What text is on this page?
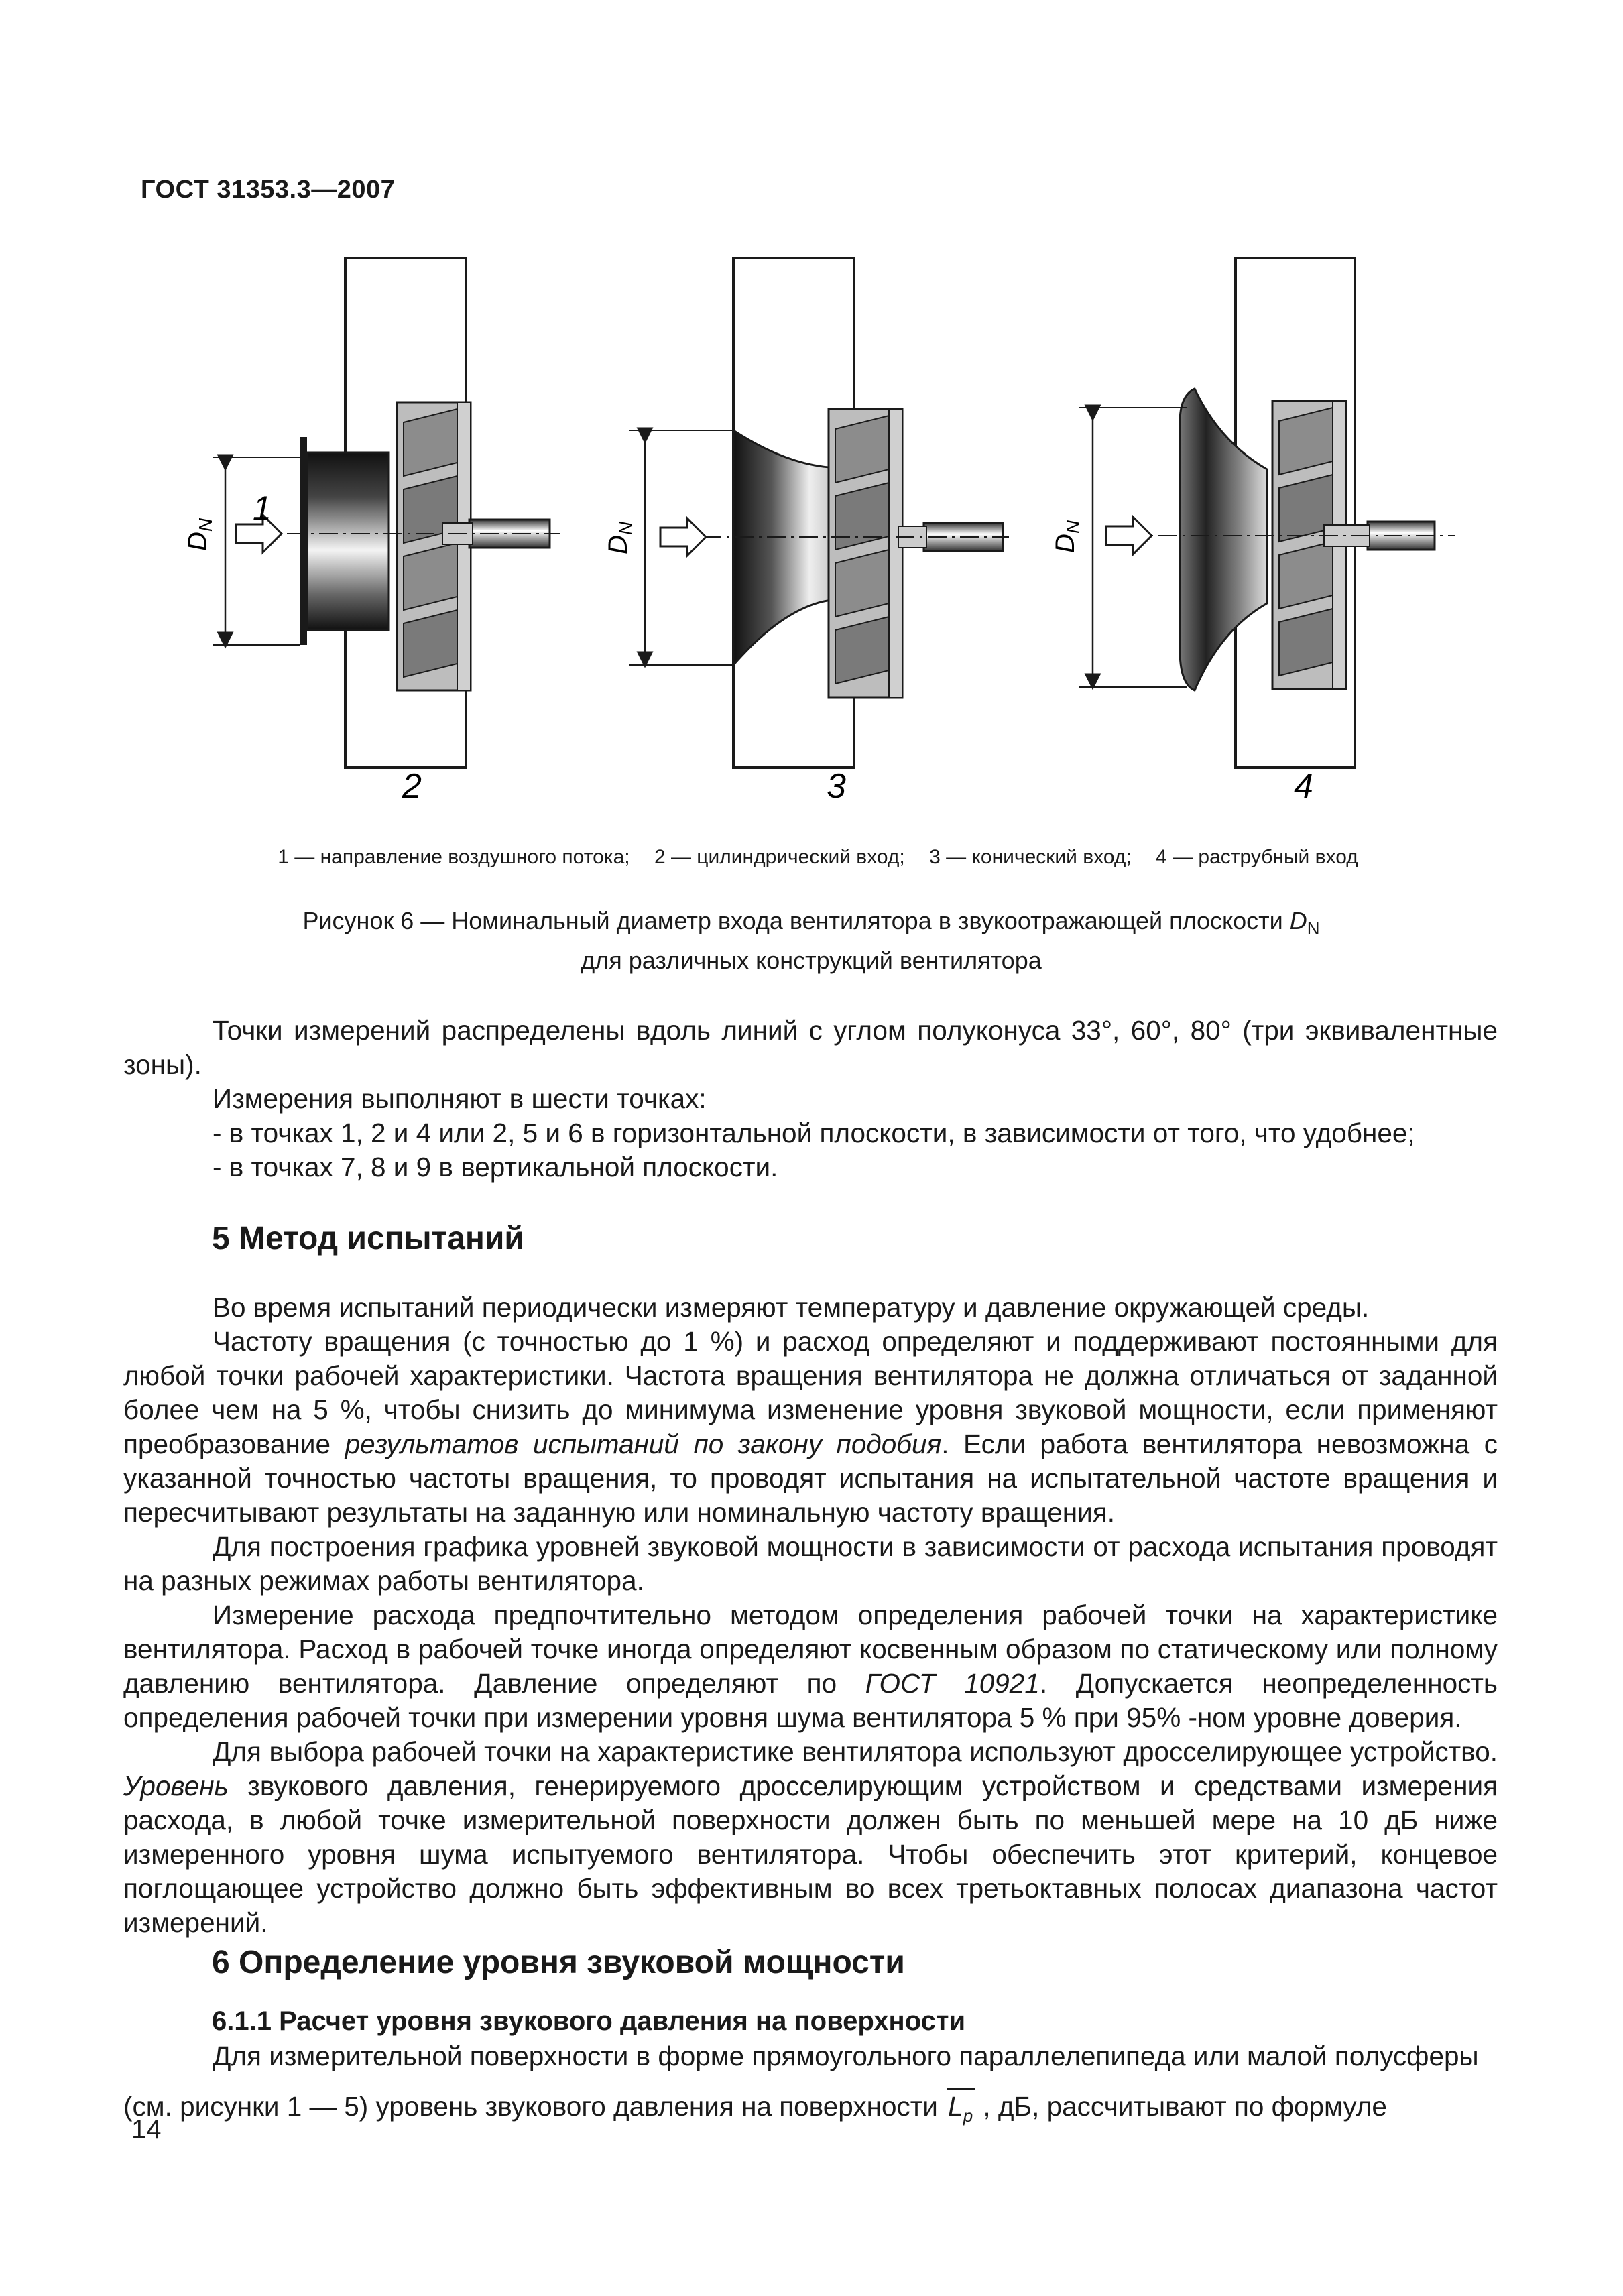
ГОСТ 31353.3—2007
$D_N$ 1
2
$D_N$
3
$D_N$
4
1 — направление воздушного потока; 2 — цилиндрический вход; 3 — конический вход; 4 — раструбный вход
Рисунок 6 — Номинальный диаметр входа вентилятора в звукоотражающей плоскости $D_N$
для различных конструкций вентилятора

Точки измерений распределены вдоль линий с углом полуконуса 33°, 60°, 80° (три эквивалентные зоны).

Измерения выполняют в шести точках:

- в точках 1, 2 и 4 или 2, 5 и 6 в горизонтальной плоскости, в зависимости от того, что удобнее;

- в точках 7, 8 и 9 в вертикальной плоскости.

5 Метод испытаний

Во время испытаний периодически измеряют температуру и давление окружающей среды.

Частоту вращения (с точностью до 1 %) и расход определяют и поддерживают постоянными для любой точки рабочей характеристики. Частота вращения вентилятора не должна отличаться от заданной более чем на 5 %, чтобы снизить до минимума изменение уровня звуковой мощности, если применяют преобразование результатов испытаний по закону подобия. Если работа вентилятора невозможна с указанной точностью частоты вращения, то проводят испытания на испытательной частоте вращения и пересчитывают результаты на заданную или номинальную частоту вращения.

Для построения графика уровней звуковой мощности в зависимости от расхода испытания проводят на разных режимах работы вентилятора.

Измерение расхода предпочтительно методом определения рабочей точки на характеристике вентилятора. Расход в рабочей точке иногда определяют косвенным образом по статическому или полному давлению вентилятора. Давление определяют по ГОСТ 10921. Допускается неопределенность определения рабочей точки при измерении уровня шума вентилятора 5 % при 95% -ном уровне доверия.

Для выбора рабочей точки на характеристике вентилятора используют дросселирующее устройство. Уровень звукового давления, генерируемого дросселирующим устройством и средствами измерения расхода, в любой точке измерительной поверхности должен быть по меньшей мере на 10 дБ ниже измеренного уровня шума испытуемого вентилятора. Чтобы обеспечить этот критерий, концевое поглощающее устройство должно быть эффективным во всех третьоктавных полосах диапазона частот измерений.

6 Определение уровня звуковой мощности
6.1.1 Расчет уровня звукового давления на поверхности

Для измерительной поверхности в форме прямоугольного параллелепипеда или малой полусферы

(см. рисунки 1 — 5) уровень звукового давления на поверхности
$L_p$ , дБ, рассчитывают по формуле

14
